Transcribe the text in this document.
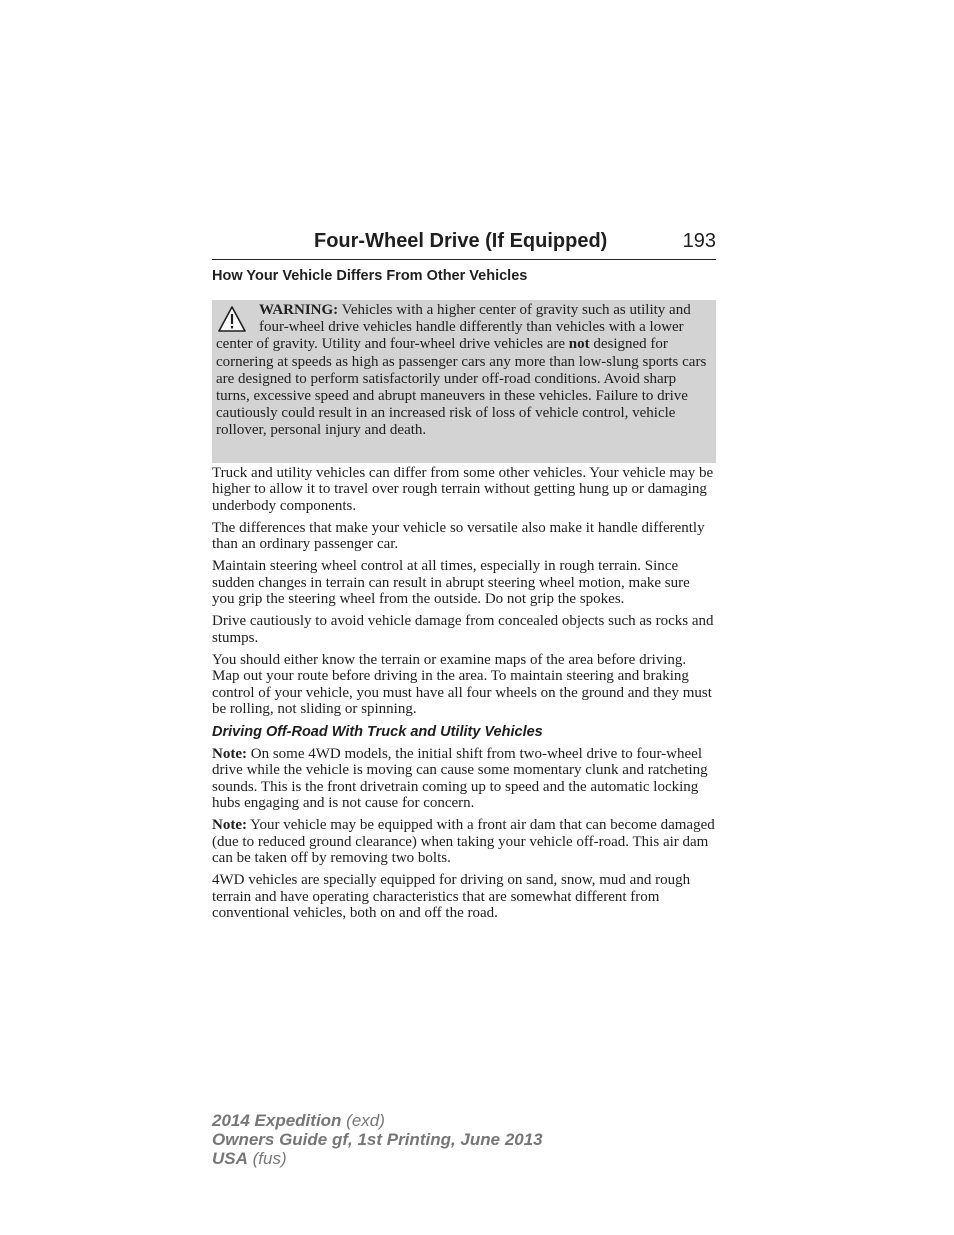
Four-Wheel Drive (If Equipped)	193
How Your Vehicle Differs From Other Vehicles

WARNING: Vehicles with a higher center of gravity such as utility and four-wheel drive vehicles handle differently than vehicles with a lower center of gravity. Utility and four-wheel drive vehicles are not designed for cornering at speeds as high as passenger cars any more than low-slung sports cars are designed to perform satisfactorily under off-road conditions. Avoid sharp turns, excessive speed and abrupt maneuvers in these vehicles. Failure to drive cautiously could result in an increased risk of loss of vehicle control, vehicle rollover, personal injury and death.

Truck and utility vehicles can differ from some other vehicles. Your vehicle may be higher to allow it to travel over rough terrain without getting hung up or damaging underbody components.

The differences that make your vehicle so versatile also make it handle differently than an ordinary passenger car.

Maintain steering wheel control at all times, especially in rough terrain. Since sudden changes in terrain can result in abrupt steering wheel motion, make sure you grip the steering wheel from the outside. Do not grip the spokes.

Drive cautiously to avoid vehicle damage from concealed objects such as rocks and stumps.

You should either know the terrain or examine maps of the area before driving. Map out your route before driving in the area. To maintain steering and braking control of your vehicle, you must have all four wheels on the ground and they must be rolling, not sliding or spinning.

Driving Off-Road With Truck and Utility Vehicles

Note: On some 4WD models, the initial shift from two-wheel drive to four-wheel drive while the vehicle is moving can cause some momentary clunk and ratcheting sounds. This is the front drivetrain coming up to speed and the automatic locking hubs engaging and is not cause for concern.

Note: Your vehicle may be equipped with a front air dam that can become damaged (due to reduced ground clearance) when taking your vehicle off-road. This air dam can be taken off by removing two bolts.

4WD vehicles are specially equipped for driving on sand, snow, mud and rough terrain and have operating characteristics that are somewhat different from conventional vehicles, both on and off the road.

2014 Expedition (exd)
Owners Guide gf, 1st Printing, June 2013
USA (fus)
